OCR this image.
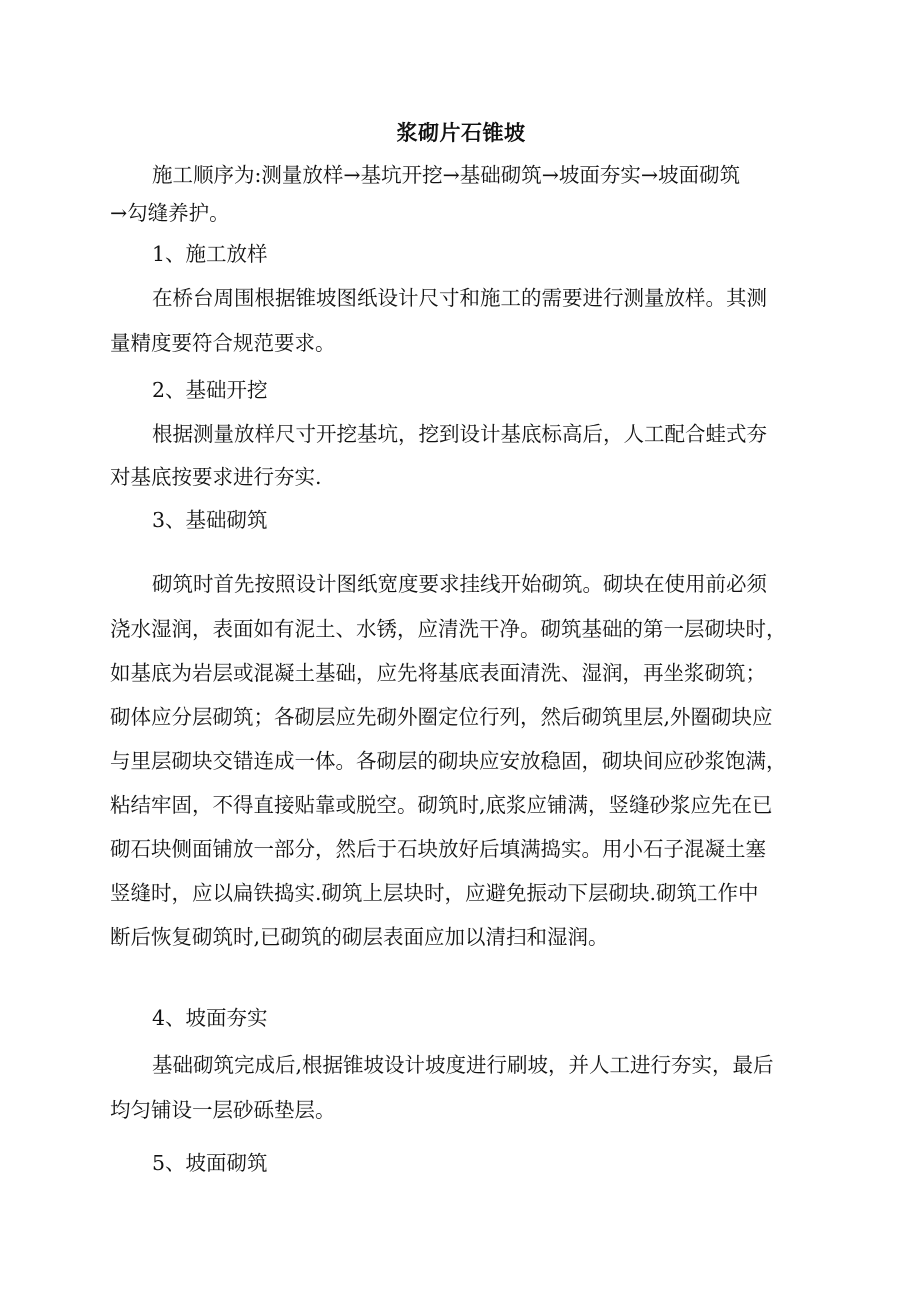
浆砌片石锥坡
施工顺序为:测量放样→基坑开挖→基础砌筑→坡面夯实→坡面砌筑
→勾缝养护。
1、施工放样
在桥台周围根据锥坡图纸设计尺寸和施工的需要进行测量放样。其测
量精度要符合规范要求。
2、基础开挖
根据测量放样尺寸开挖基坑，挖到设计基底标高后，人工配合蛙式夯
对基底按要求进行夯实.
3、基础砌筑
砌筑时首先按照设计图纸宽度要求挂线开始砌筑。砌块在使用前必须
浇水湿润，表面如有泥土、水锈，应清洗干净。砌筑基础的第一层砌块时，
如基底为岩层或混凝土基础，应先将基底表面清洗、湿润，再坐浆砌筑；
砌体应分层砌筑；各砌层应先砌外圈定位行列，然后砌筑里层,外圈砌块应
与里层砌块交错连成一体。各砌层的砌块应安放稳固，砌块间应砂浆饱满，
粘结牢固，不得直接贴靠或脱空。砌筑时,底浆应铺满，竖缝砂浆应先在已
砌石块侧面铺放一部分，然后于石块放好后填满捣实。用小石子混凝土塞
竖缝时，应以扁铁捣实.砌筑上层块时，应避免振动下层砌块.砌筑工作中
断后恢复砌筑时,已砌筑的砌层表面应加以清扫和湿润。
4、坡面夯实
基础砌筑完成后,根据锥坡设计坡度进行刷坡，并人工进行夯实，最后
均匀铺设一层砂砾垫层。
5、坡面砌筑
